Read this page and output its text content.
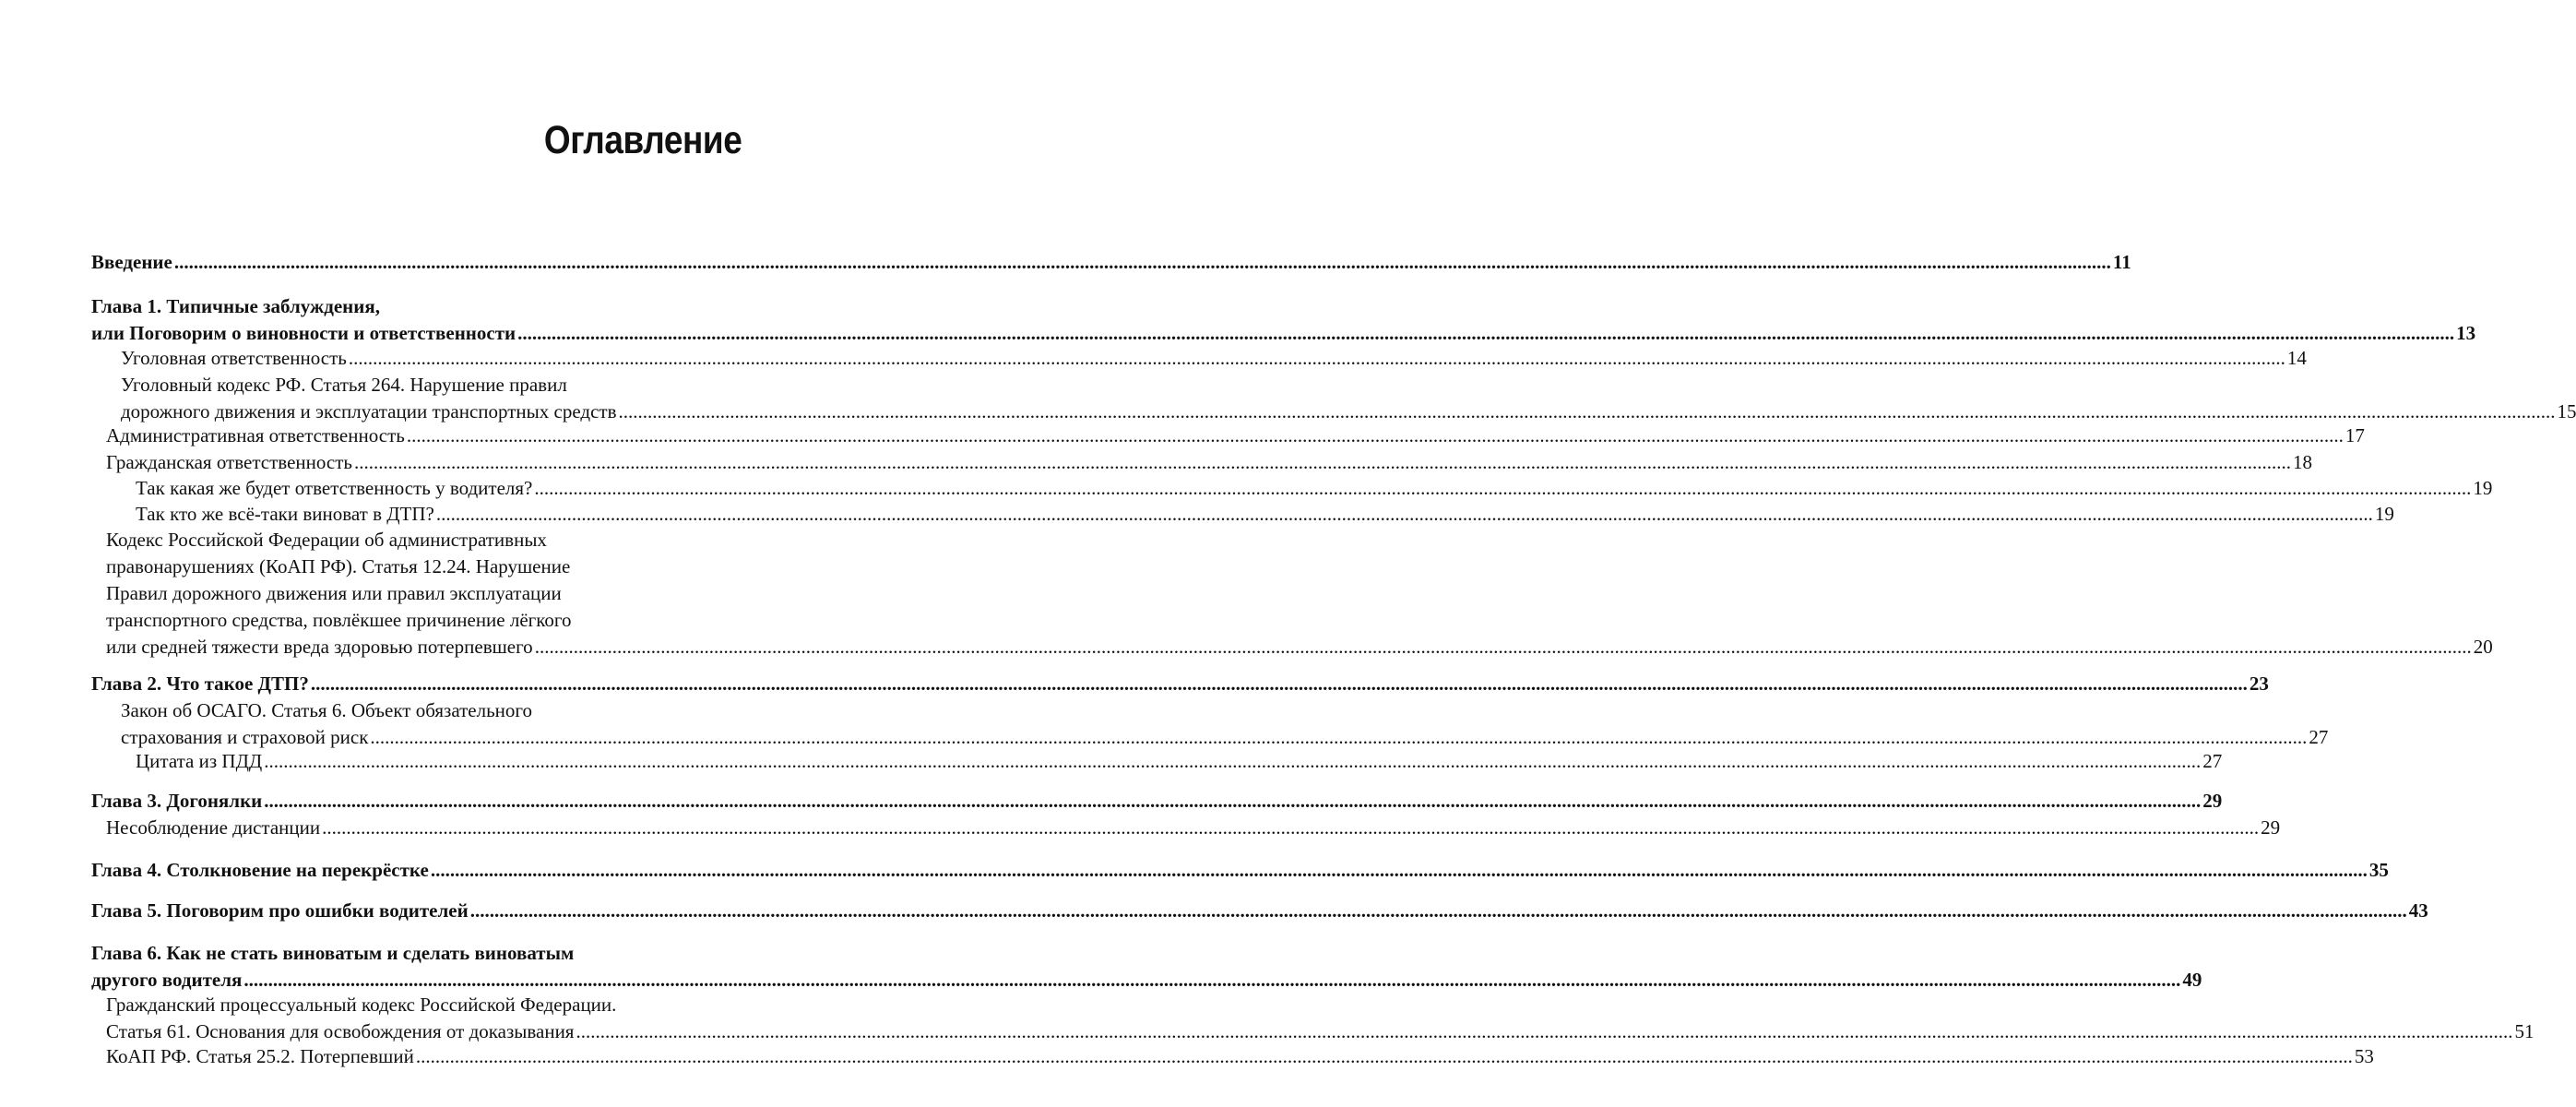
Оглавление
Введение ................................................................................................................................................................................................................................................................................................................................................................................................................ 11
Глава 1. Типичные заблуждения,
или Поговорим о виновности и ответственности ................................................................................................................................................................................................................................................................................................................................................................................................................ 13
Уголовная ответственность ................................................................................................................................................................................................................................................................................................................................................................................................................ 14
Уголовный кодекс РФ. Статья 264. Нарушение правил
дорожного движения и эксплуатации транспортных средств ................................................................................................................................................................................................................................................................................................................................................................................................................ 15
Административная ответственность ................................................................................................................................................................................................................................................................................................................................................................................................................ 17
Гражданская ответственность ................................................................................................................................................................................................................................................................................................................................................................................................................ 18
Так какая же будет ответственность у водителя? ................................................................................................................................................................................................................................................................................................................................................................................................................ 19
Так кто же всё-таки виноват в ДТП? ................................................................................................................................................................................................................................................................................................................................................................................................................ 19
Кодекс Российской Федерации об административных
правонарушениях (КоАП РФ). Статья 12.24. Нарушение
Правил дорожного движения или правил эксплуатации
транспортного средства, повлёкшее причинение лёгкого
или средней тяжести вреда здоровью потерпевшего ................................................................................................................................................................................................................................................................................................................................................................................................................ 20
Глава 2. Что такое ДТП? ................................................................................................................................................................................................................................................................................................................................................................................................................ 23
Закон об ОСАГО. Статья 6. Объект обязательного
страхования и страховой риск ................................................................................................................................................................................................................................................................................................................................................................................................................ 27
Цитата из ПДД ................................................................................................................................................................................................................................................................................................................................................................................................................ 27
Глава 3. Догонялки ................................................................................................................................................................................................................................................................................................................................................................................................................ 29
Несоблюдение дистанции ................................................................................................................................................................................................................................................................................................................................................................................................................ 29
Глава 4. Столкновение на перекрёстке ................................................................................................................................................................................................................................................................................................................................................................................................................ 35
Глава 5. Поговорим про ошибки водителей ................................................................................................................................................................................................................................................................................................................................................................................................................ 43
Глава 6. Как не стать виноватым и сделать виноватым
другого водителя ................................................................................................................................................................................................................................................................................................................................................................................................................ 49
Гражданский процессуальный кодекс Российской Федерации.
Статья 61. Основания для освобождения от доказывания ................................................................................................................................................................................................................................................................................................................................................................................................................ 51
КоАП РФ. Статья 25.2. Потерпевший ................................................................................................................................................................................................................................................................................................................................................................................................................ 53
